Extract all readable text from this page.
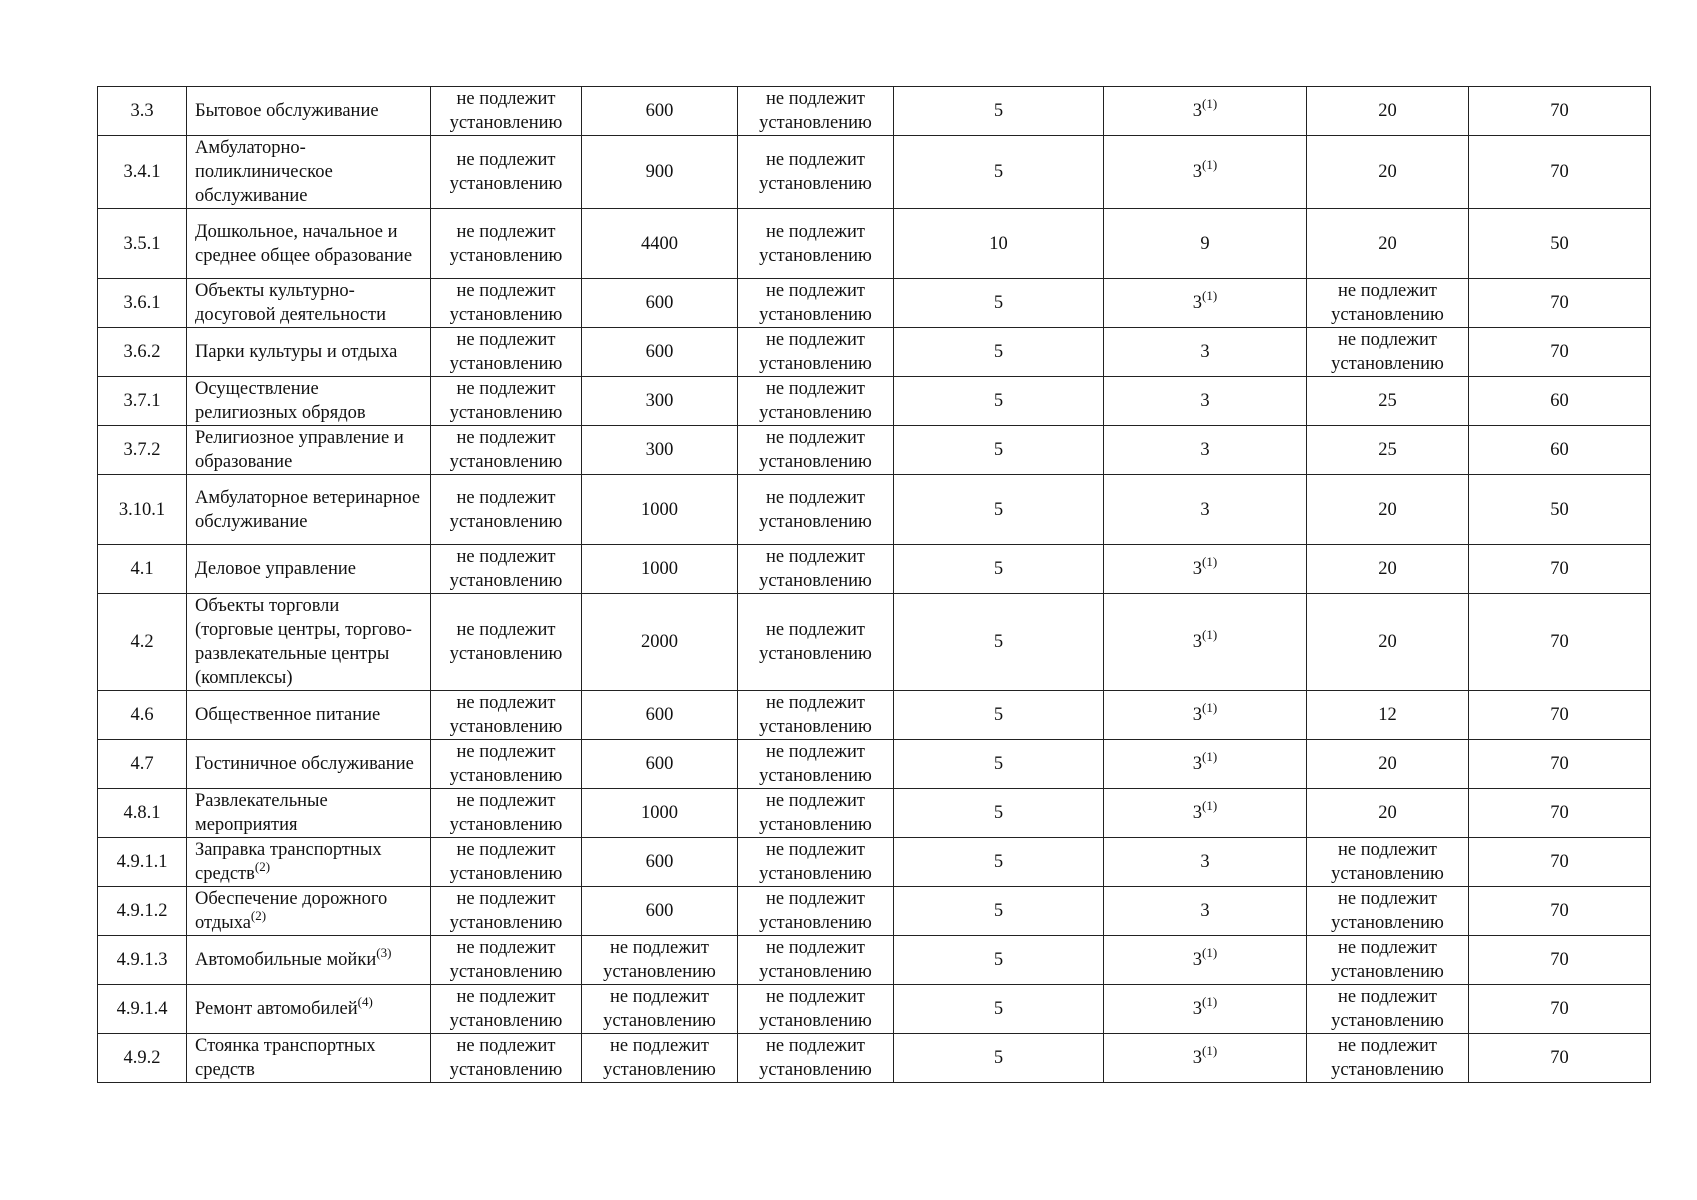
3.3	Бытовое обслуживание	не подлежит установлению	600	не подлежит установлению	5	3$^{(1)}$	20	70
3.4.1	Амбулаторно-поликлиническое обслуживание	не подлежит установлению	900	не подлежит установлению	5	3$^{(1)}$	20	70
3.5.1	Дошкольное, начальное и среднее общее образование	не подлежит установлению	4400	не подлежит установлению	10	9	20	50
3.6.1	Объекты культурно-досуговой деятельности	не подлежит установлению	600	не подлежит установлению	5	3$^{(1)}$	не подлежит установлению	70
3.6.2	Парки культуры и отдыха	не подлежит установлению	600	не подлежит установлению	5	3	не подлежит установлению	70
3.7.1	Осуществление религиозных обрядов	не подлежит установлению	300	не подлежит установлению	5	3	25	60
3.7.2	Религиозное управление и образование	не подлежит установлению	300	не подлежит установлению	5	3	25	60
3.10.1	Амбулаторное ветеринарное обслуживание	не подлежит установлению	1000	не подлежит установлению	5	3	20	50
4.1	Деловое управление	не подлежит установлению	1000	не подлежит установлению	5	3$^{(1)}$	20	70
4.2	Объекты торговли (торговые центры, торгово-развлекательные центры (комплексы)	не подлежит установлению	2000	не подлежит установлению	5	3$^{(1)}$	20	70
4.6	Общественное питание	не подлежит установлению	600	не подлежит установлению	5	3$^{(1)}$	12	70
4.7	Гостиничное обслуживание	не подлежит установлению	600	не подлежит установлению	5	3$^{(1)}$	20	70
4.8.1	Развлекательные мероприятия	не подлежит установлению	1000	не подлежит установлению	5	3$^{(1)}$	20	70
4.9.1.1	Заправка транспортных средств$^{(2)}$	не подлежит установлению	600	не подлежит установлению	5	3	не подлежит установлению	70
4.9.1.2	Обеспечение дорожного отдыха$^{(2)}$	не подлежит установлению	600	не подлежит установлению	5	3	не подлежит установлению	70
4.9.1.3	Автомобильные мойки$^{(3)}$	не подлежит установлению	не подлежит установлению	не подлежит установлению	5	3$^{(1)}$	не подлежит установлению	70
4.9.1.4	Ремонт автомобилей$^{(4)}$	не подлежит установлению	не подлежит установлению	не подлежит установлению	5	3$^{(1)}$	не подлежит установлению	70
4.9.2	Стоянка транспортных средств	не подлежит установлению	не подлежит установлению	не подлежит установлению	5	3$^{(1)}$	не подлежит установлению	70
